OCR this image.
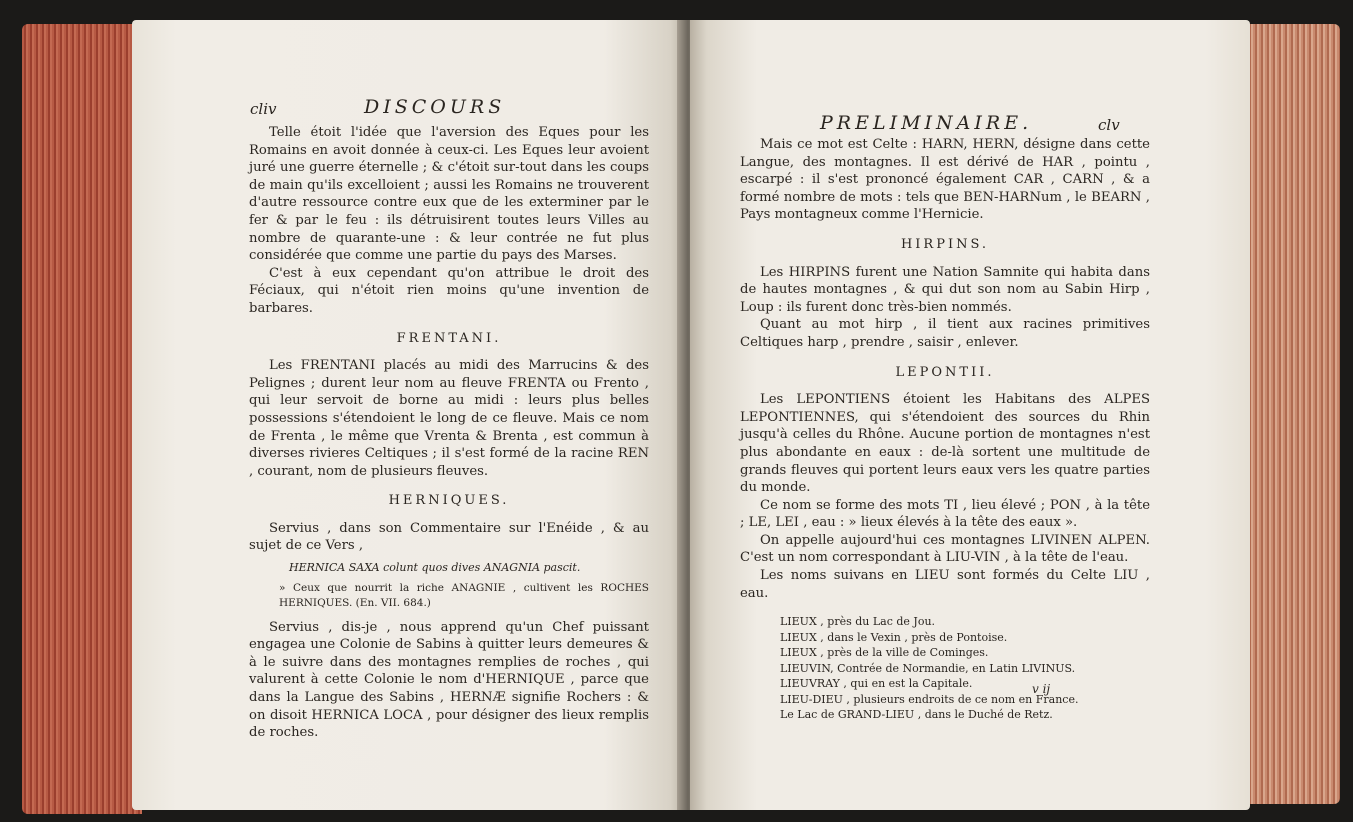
cliv	DISCOURS

Telle étoit l'idée que l'aversion des Eques pour les Romains en avoit donnée à ceux-ci. Les Eques leur avoient juré une guerre éternelle ; & c'étoit sur-tout dans les coups de main qu'ils excelloient ; aussi les Romains ne trouverent d'autre ressource contre eux que de les exterminer par le fer & par le feu : ils détruisirent toutes leurs Villes au nombre de quarante-une : & leur contrée ne fut plus considérée que comme une partie du pays des Marses.

C'est à eux cependant qu'on attribue le droit des Féciaux, qui n'étoit rien moins qu'une invention de barbares.

FRENTANI.

Les FRENTANI placés au midi des Marrucins & des Pelignes ; durent leur nom au fleuve FRENTA ou Frento , qui leur servoit de borne au midi : leurs plus belles possessions s'étendoient le long de ce fleuve. Mais ce nom de Frenta , le même que Vrenta & Brenta , est commun à diverses rivieres Celtiques ; il s'est formé de la racine REN , courant, nom de plusieurs fleuves.

HERNIQUES.

Servius , dans son Commentaire sur l'Enéide , & au sujet de ce Vers ,

HERNICA SAXA colunt quos dives ANAGNIA pascit.
» Ceux que nourrit la riche ANAGNIE , cultivent les ROCHES HERNIQUES. (En. VII. 684.)

Servius , dis-je , nous apprend qu'un Chef puissant engagea une Colonie de Sabins à quitter leurs demeures & à le suivre dans des montagnes remplies de roches , qui valurent à cette Colonie le nom d'HERNIQUE , parce que dans la Langue des Sabins , HERNÆ signifie Rochers : & on disoit HERNICA LOCA , pour désigner des lieux remplis de roches.

PRELIMINAIRE.	clv

Mais ce mot est Celte : HARN, HERN, désigne dans cette Langue, des montagnes. Il est dérivé de HAR , pointu , escarpé : il s'est prononcé également CAR , CARN , & a formé nombre de mots : tels que BEN-HARNum , le BEARN , Pays montagneux comme l'Hernicie.

HIRPINS.

Les HIRPINS furent une Nation Samnite qui habita dans de hautes montagnes , & qui dut son nom au Sabin Hirp , Loup : ils furent donc très-bien nommés.

Quant au mot hirp , il tient aux racines primitives Celtiques harp , prendre , saisir , enlever.

LEPONTII.

Les LEPONTIENS étoient les Habitans des ALPES LEPONTIENNES, qui s'étendoient des sources du Rhin jusqu'à celles du Rhône. Aucune portion de montagnes n'est plus abondante en eaux : de-là sortent une multitude de grands fleuves qui portent leurs eaux vers les quatre parties du monde.

Ce nom se forme des mots TI , lieu élevé ; PON , à la tête ; LE, LEI , eau : » lieux élevés à la tête des eaux ».

On appelle aujourd'hui ces montagnes LIVINEN ALPEN. C'est un nom correspondant à LIU-VIN , à la tête de l'eau.

Les noms suivans en LIEU sont formés du Celte LIU , eau.

LIEUX , près du Lac de Jou.
LIEUX , dans le Vexin , près de Pontoise.
LIEUX , près de la ville de Cominges.
LIEUVIN, Contrée de Normandie, en Latin LIVINUS.
LIEUVRAY , qui en est la Capitale.
LIEU-DIEU , plusieurs endroits de ce nom en France.
Le Lac de GRAND-LIEU , dans le Duché de Retz.
v ij
